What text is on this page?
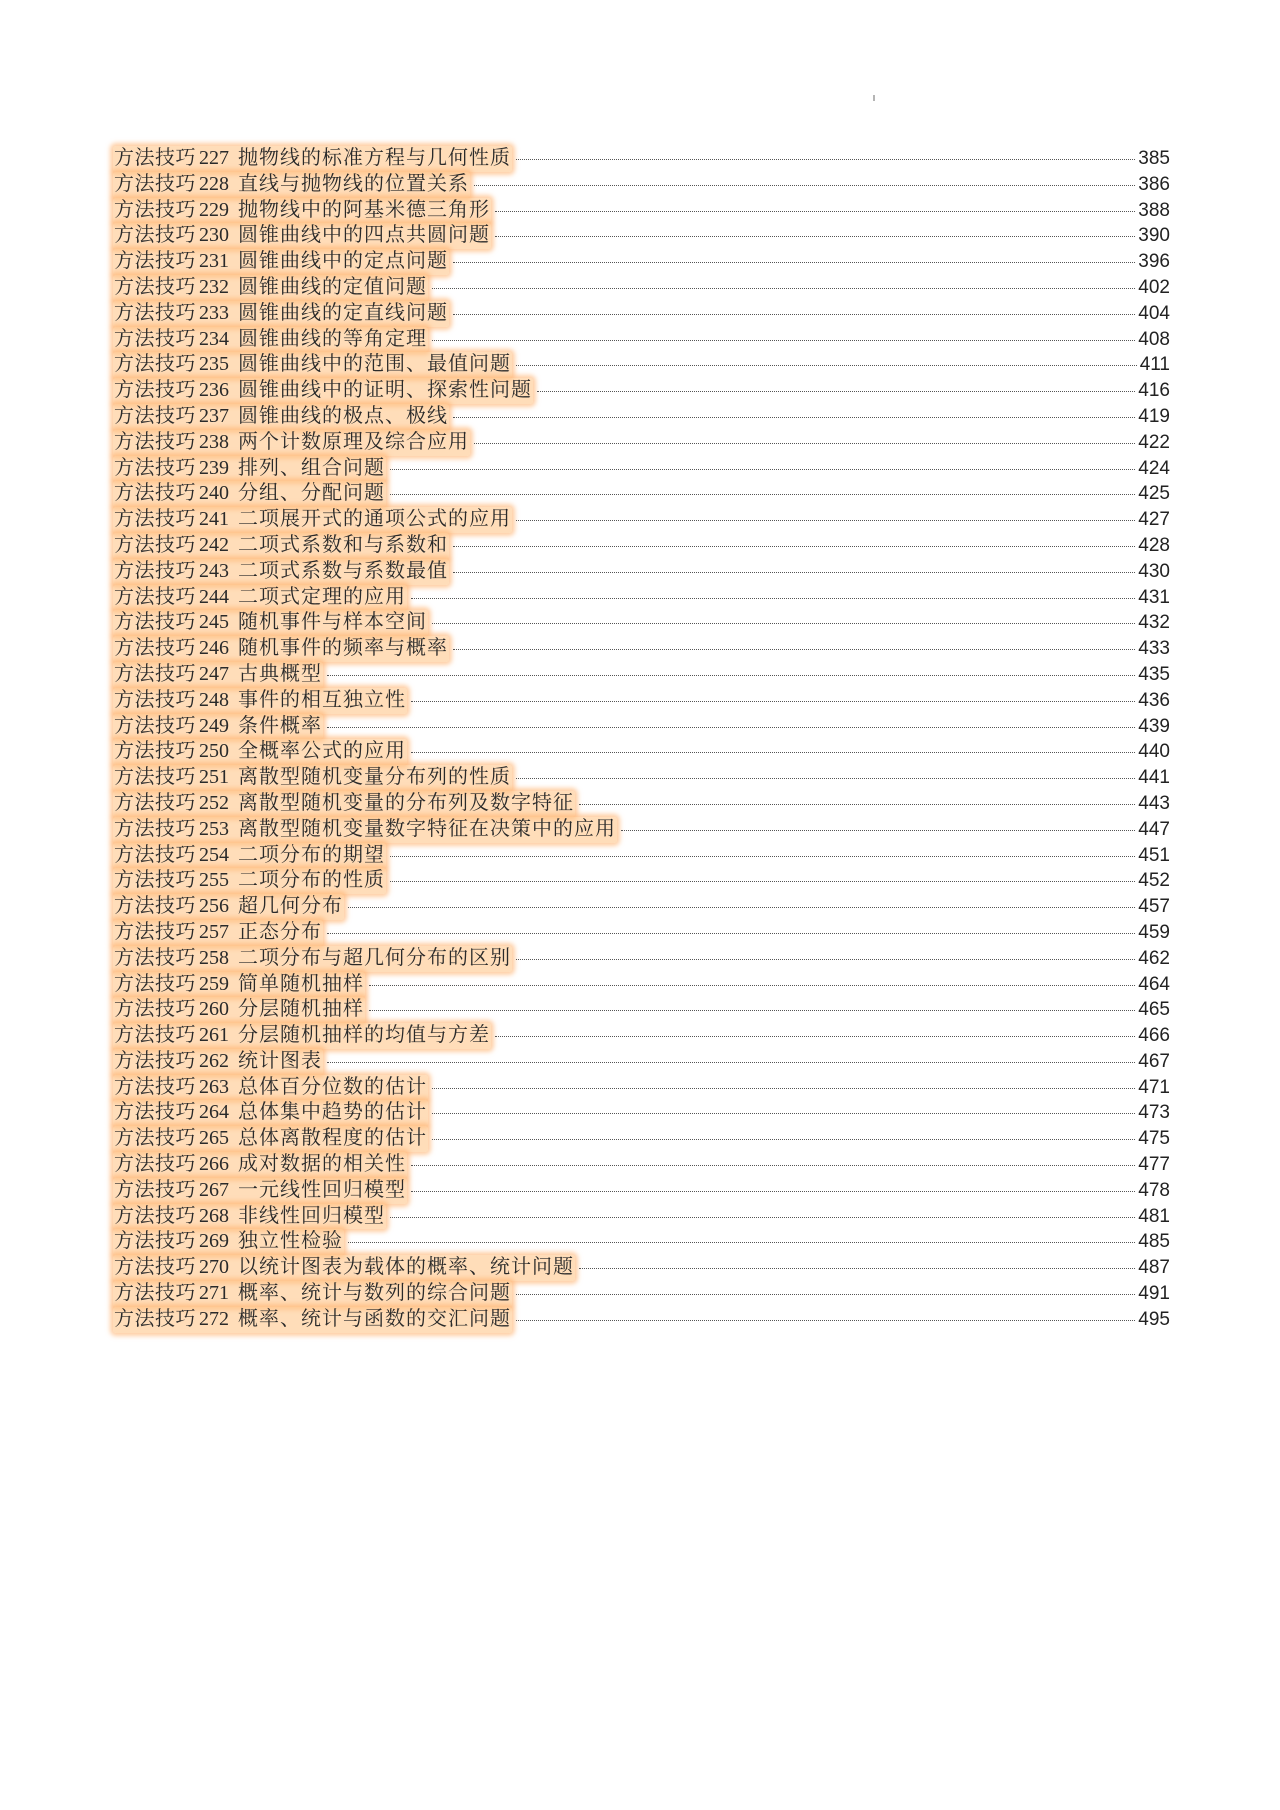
方法技巧 227 抛物线的标准方程与几何性质	385
方法技巧 228 直线与抛物线的位置关系	386
方法技巧 229 抛物线中的阿基米德三角形	388
方法技巧 230 圆锥曲线中的四点共圆问题	390
方法技巧 231 圆锥曲线中的定点问题	396
方法技巧 232 圆锥曲线的定值问题	402
方法技巧 233 圆锥曲线的定直线问题	404
方法技巧 234 圆锥曲线的等角定理	408
方法技巧 235 圆锥曲线中的范围、最值问题	411
方法技巧 236 圆锥曲线中的证明、探索性问题	416
方法技巧 237 圆锥曲线的极点、极线	419
方法技巧 238 两个计数原理及综合应用	422
方法技巧 239 排列、组合问题	424
方法技巧 240 分组、分配问题	425
方法技巧 241 二项展开式的通项公式的应用	427
方法技巧 242 二项式系数和与系数和	428
方法技巧 243 二项式系数与系数最值	430
方法技巧 244 二项式定理的应用	431
方法技巧 245 随机事件与样本空间	432
方法技巧 246 随机事件的频率与概率	433
方法技巧 247 古典概型	435
方法技巧 248 事件的相互独立性	436
方法技巧 249 条件概率	439
方法技巧 250 全概率公式的应用	440
方法技巧 251 离散型随机变量分布列的性质	441
方法技巧 252 离散型随机变量的分布列及数字特征	443
方法技巧 253 离散型随机变量数字特征在决策中的应用	447
方法技巧 254 二项分布的期望	451
方法技巧 255 二项分布的性质	452
方法技巧 256 超几何分布	457
方法技巧 257 正态分布	459
方法技巧 258 二项分布与超几何分布的区别	462
方法技巧 259 简单随机抽样	464
方法技巧 260 分层随机抽样	465
方法技巧 261 分层随机抽样的均值与方差	466
方法技巧 262 统计图表	467
方法技巧 263 总体百分位数的估计	471
方法技巧 264 总体集中趋势的估计	473
方法技巧 265 总体离散程度的估计	475
方法技巧 266 成对数据的相关性	477
方法技巧 267 一元线性回归模型	478
方法技巧 268 非线性回归模型	481
方法技巧 269 独立性检验	485
方法技巧 270 以统计图表为载体的概率、统计问题	487
方法技巧 271 概率、统计与数列的综合问题	491
方法技巧 272 概率、统计与函数的交汇问题	495
